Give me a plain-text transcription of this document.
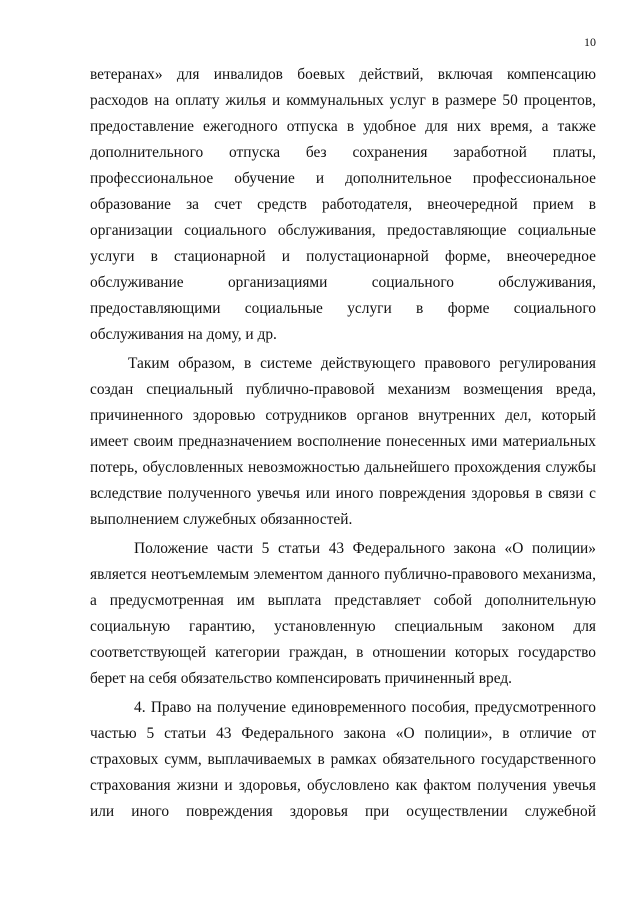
10
ветеранах» для инвалидов боевых действий, включая компенсацию
расходов на оплату жилья и коммунальных услуг в размере 50 процентов,
предоставление ежегодного отпуска в удобное для них время, а также
дополнительного отпуска без сохранения заработной платы,
профессиональное обучение и дополнительное профессиональное
образование за счет средств работодателя, внеочередной прием в
организации социального обслуживания, предоставляющие социальные
услуги в стационарной и полустационарной форме, внеочередное
обслуживание организациями социального обслуживания,
предоставляющими социальные услуги в форме социального
обслуживания на дому, и др.
Таким образом, в системе действующего правового регулирования
создан специальный публично-правовой механизм возмещения вреда,
причиненного здоровью сотрудников органов внутренних дел, который
имеет своим предназначением восполнение понесенных ими материальных
потерь, обусловленных невозможностью дальнейшего прохождения службы
вследствие полученного увечья или иного повреждения здоровья в связи с
выполнением служебных обязанностей.
Положение части 5 статьи 43 Федерального закона «О полиции»
является неотъемлемым элементом данного публично-правового механизма,
а предусмотренная им выплата представляет собой дополнительную
социальную гарантию, установленную специальным законом для
соответствующей категории граждан, в отношении которых государство
берет на себя обязательство компенсировать причиненный вред.
4. Право на получение единовременного пособия, предусмотренного
частью 5 статьи 43 Федерального закона «О полиции», в отличие от
страховых сумм, выплачиваемых в рамках обязательного государственного
страхования жизни и здоровья, обусловлено как фактом получения увечья
или иного повреждения здоровья при осуществлении служебной
